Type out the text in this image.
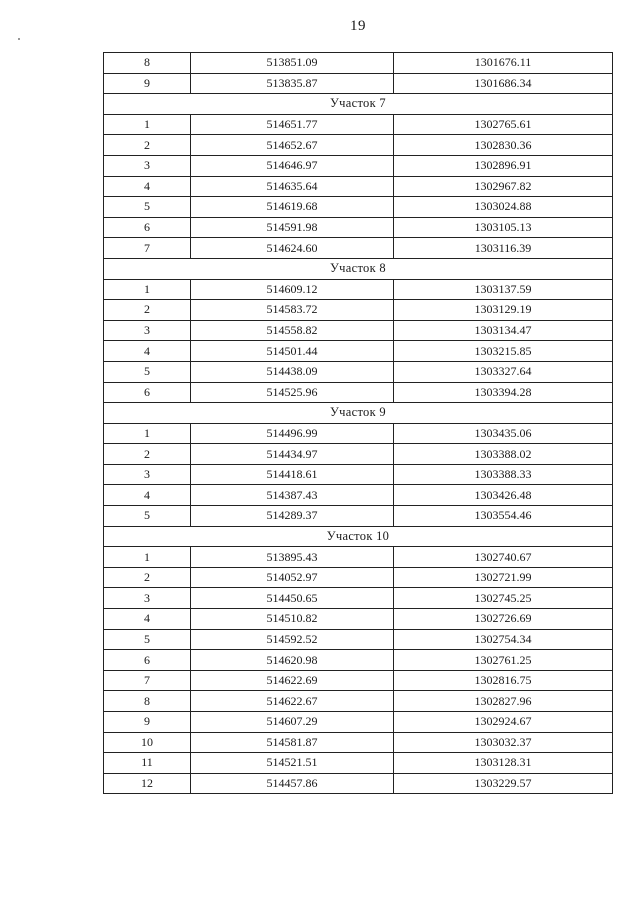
19
8	513851.09	1301676.11
9	513835.87	1301686.34
Участок 7		
1	514651.77	1302765.61
2	514652.67	1302830.36
3	514646.97	1302896.91
4	514635.64	1302967.82
5	514619.68	1303024.88
6	514591.98	1303105.13
7	514624.60	1303116.39
Участок 8		
1	514609.12	1303137.59
2	514583.72	1303129.19
3	514558.82	1303134.47
4	514501.44	1303215.85
5	514438.09	1303327.64
6	514525.96	1303394.28
Участок 9		
1	514496.99	1303435.06
2	514434.97	1303388.02
3	514418.61	1303388.33
4	514387.43	1303426.48
5	514289.37	1303554.46
Участок 10		
1	513895.43	1302740.67
2	514052.97	1302721.99
3	514450.65	1302745.25
4	514510.82	1302726.69
5	514592.52	1302754.34
6	514620.98	1302761.25
7	514622.69	1302816.75
8	514622.67	1302827.96
9	514607.29	1302924.67
10	514581.87	1303032.37
11	514521.51	1303128.31
12	514457.86	1303229.57
